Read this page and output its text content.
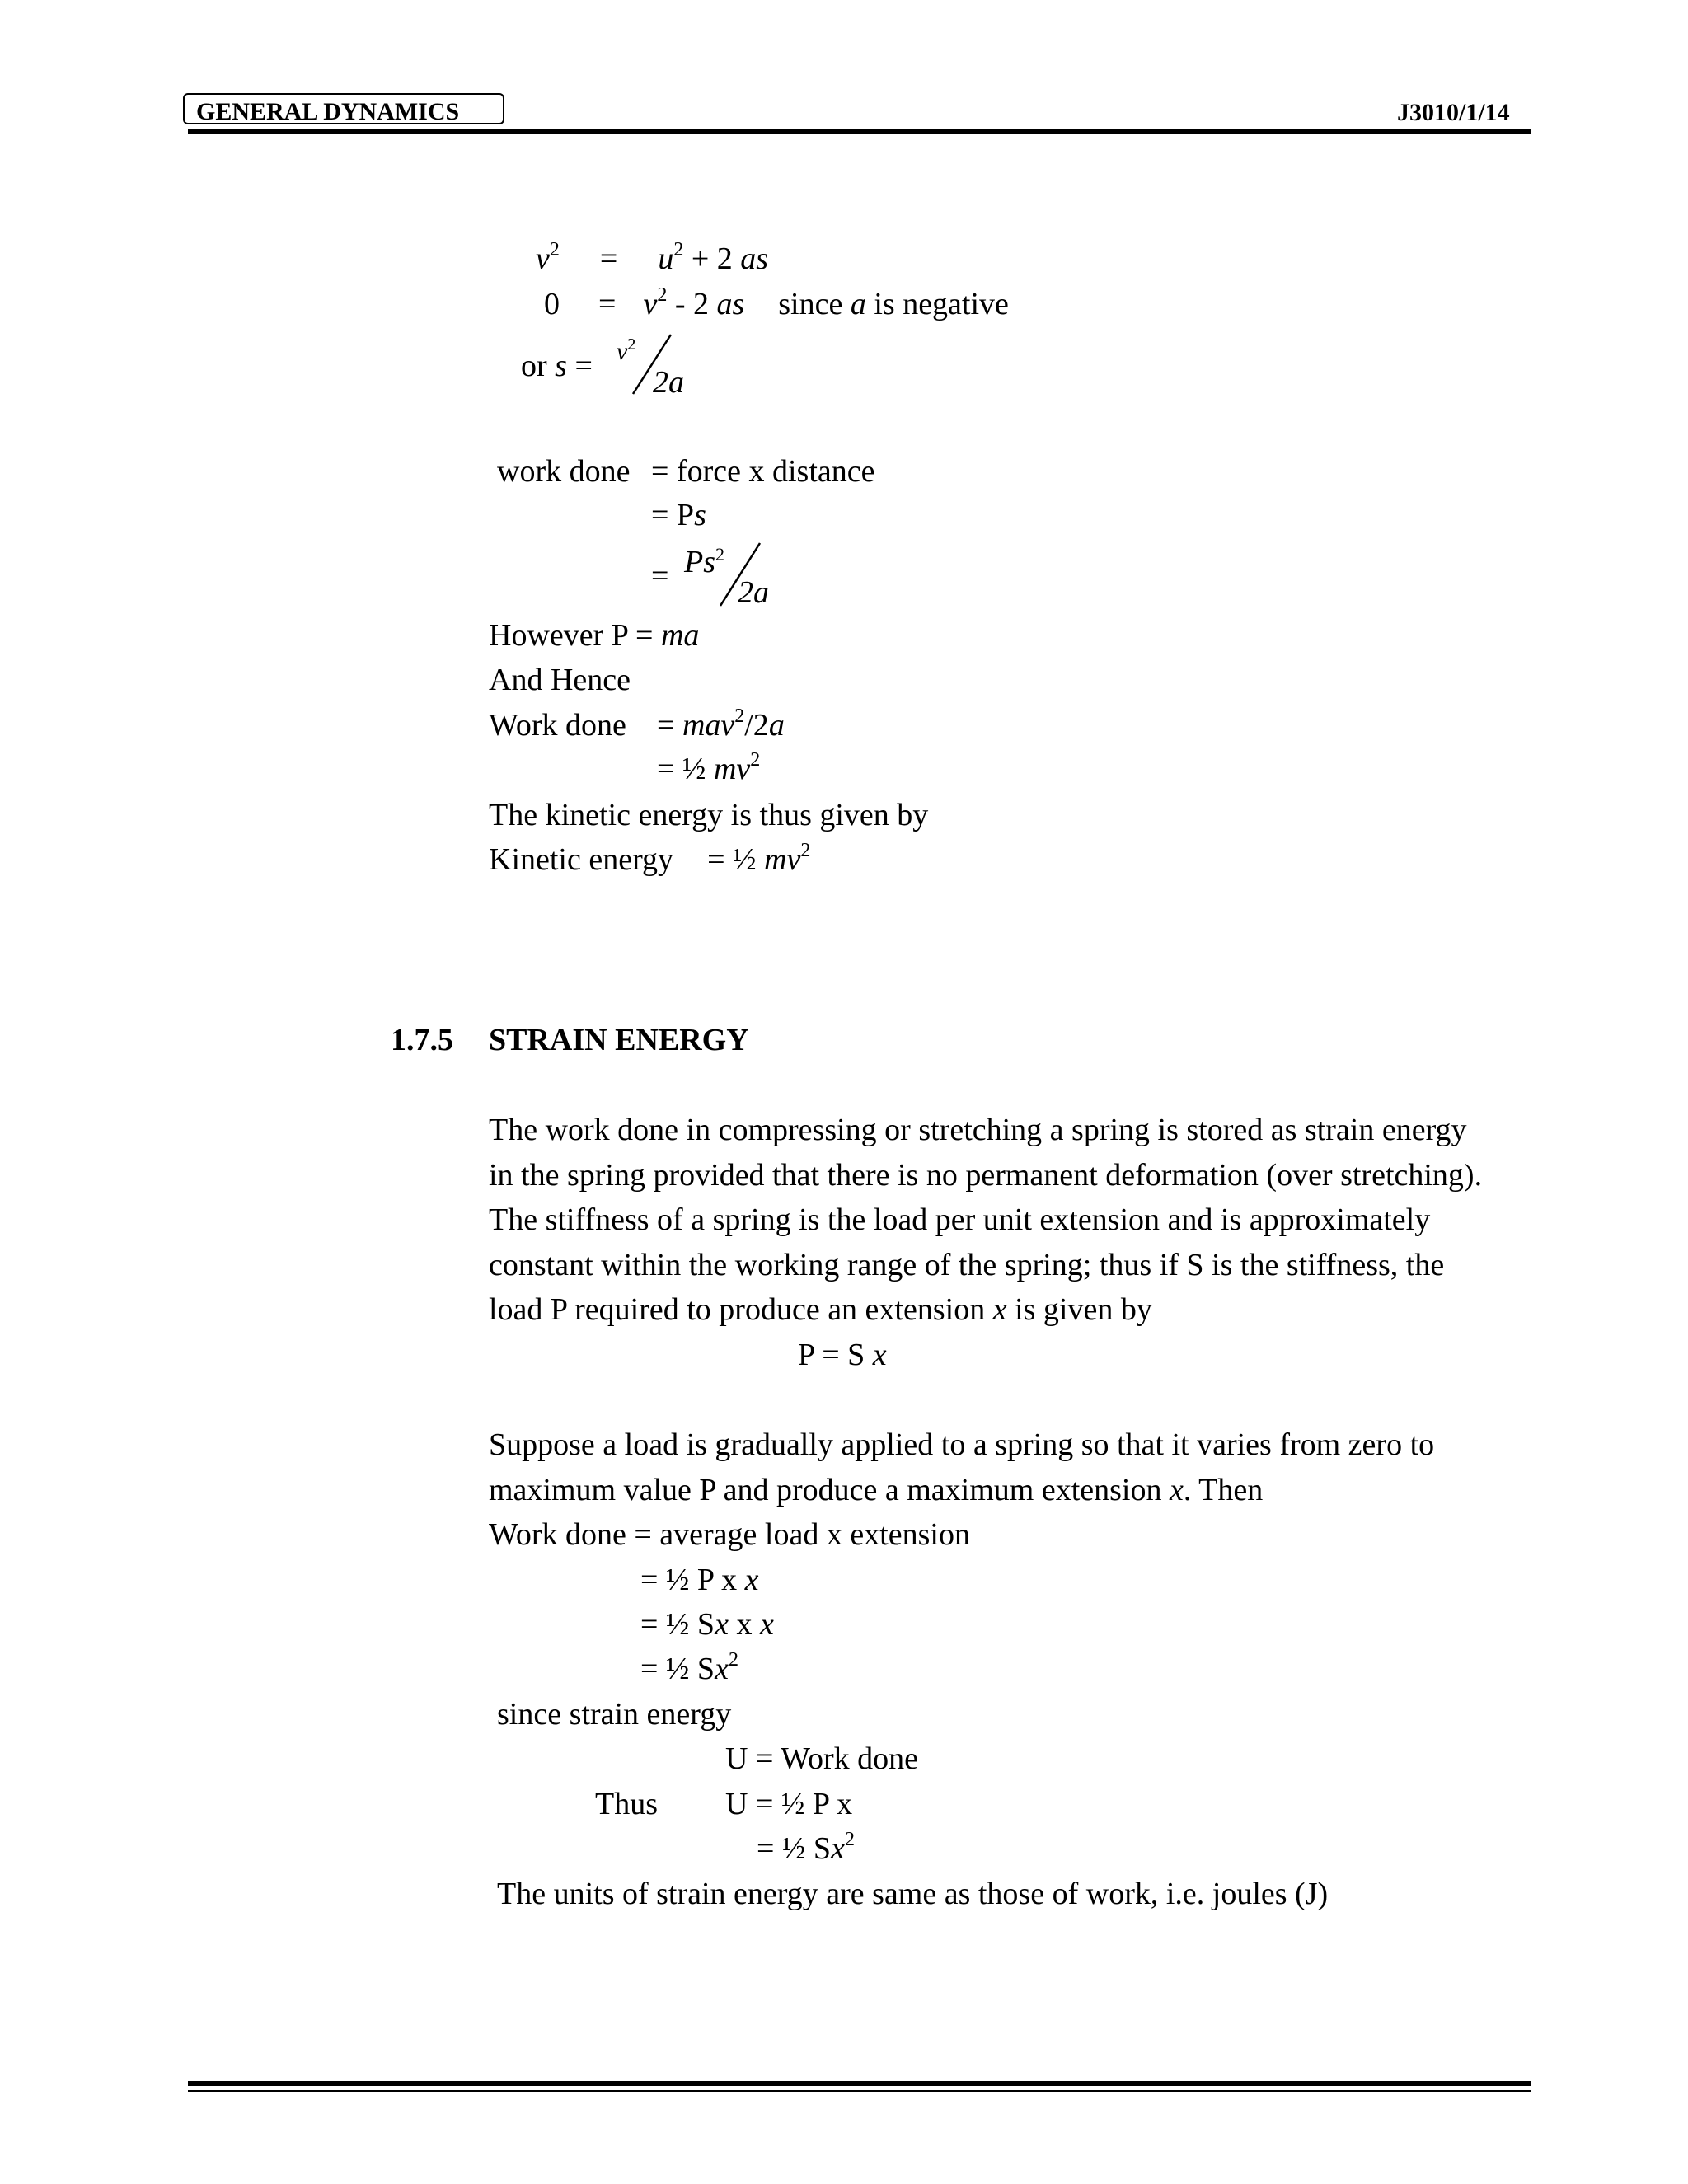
GENERAL DYNAMICS	J3010/1/14
$v^2 = u^2 + 2$ as
$0 = v^2 - 2$ as since a is negative
or $s = v^2$
2a
work done = force x distance
= Ps
= $Ps^2$
2a
However P = ma
And Hence
Work done = mav$^2$/2a
= ½ $mv^2$
The kinetic energy is thus given by
Kinetic energy = ½ $mv^2$
1.7.5 STRAIN ENERGY
The work done in compressing or stretching a spring is stored as strain energy
in the spring provided that there is no permanent deformation (over stretching).
The stiffness of a spring is the load per unit extension and is approximately
constant within the working range of the spring; thus if S is the stiffness, the
load P required to produce an extension x is given by
P = S x
Suppose a load is gradually applied to a spring so that it varies from zero to
maximum value P and produce a maximum extension x. Then
Work done = average load x extension
= ½ P x x
= ½ Sx x x
= ½ Sx$^2$
since strain energy
U = Work done
Thus U = ½ P x
= ½ Sx$^2$
The units of strain energy are same as those of work, i.e. joules (J)
